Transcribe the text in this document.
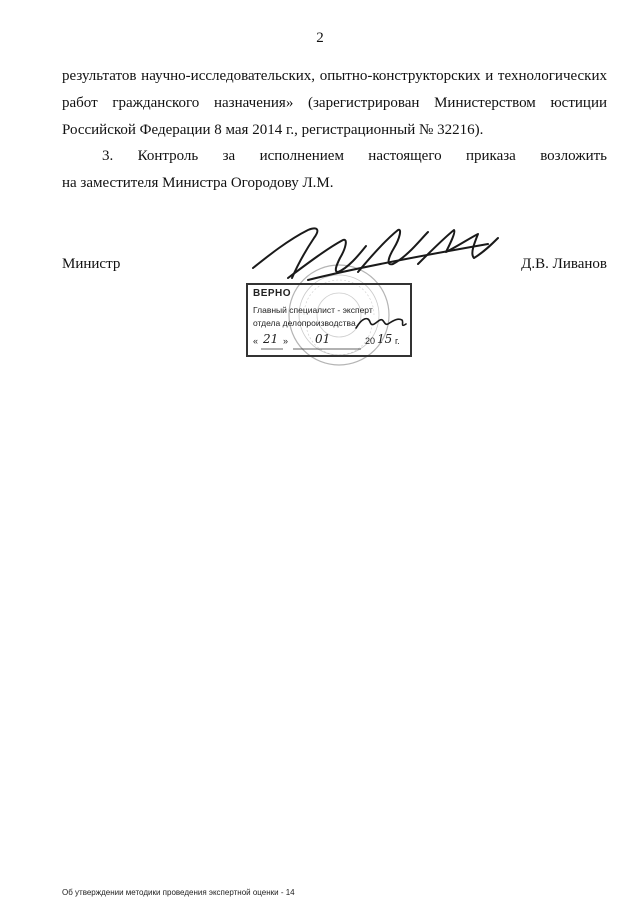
2
результатов научно-исследовательских, опытно-конструкторских и технологических
работ гражданского назначения» (зарегистрирован Министерством юстиции
Российской Федерации 8 мая 2014 г., регистрационный № 32216).
3. Контроль за исполнением настоящего приказа возложить
на заместителя Министра Огородову Л.М.
Министр	Д.В. Ливанов
ВЕРНО
Главный специалист - эксперт
отдела делопроизводства
« 21 » 01	20 15 г.
Об утверждении методики проведения экспертной оценки - 14
